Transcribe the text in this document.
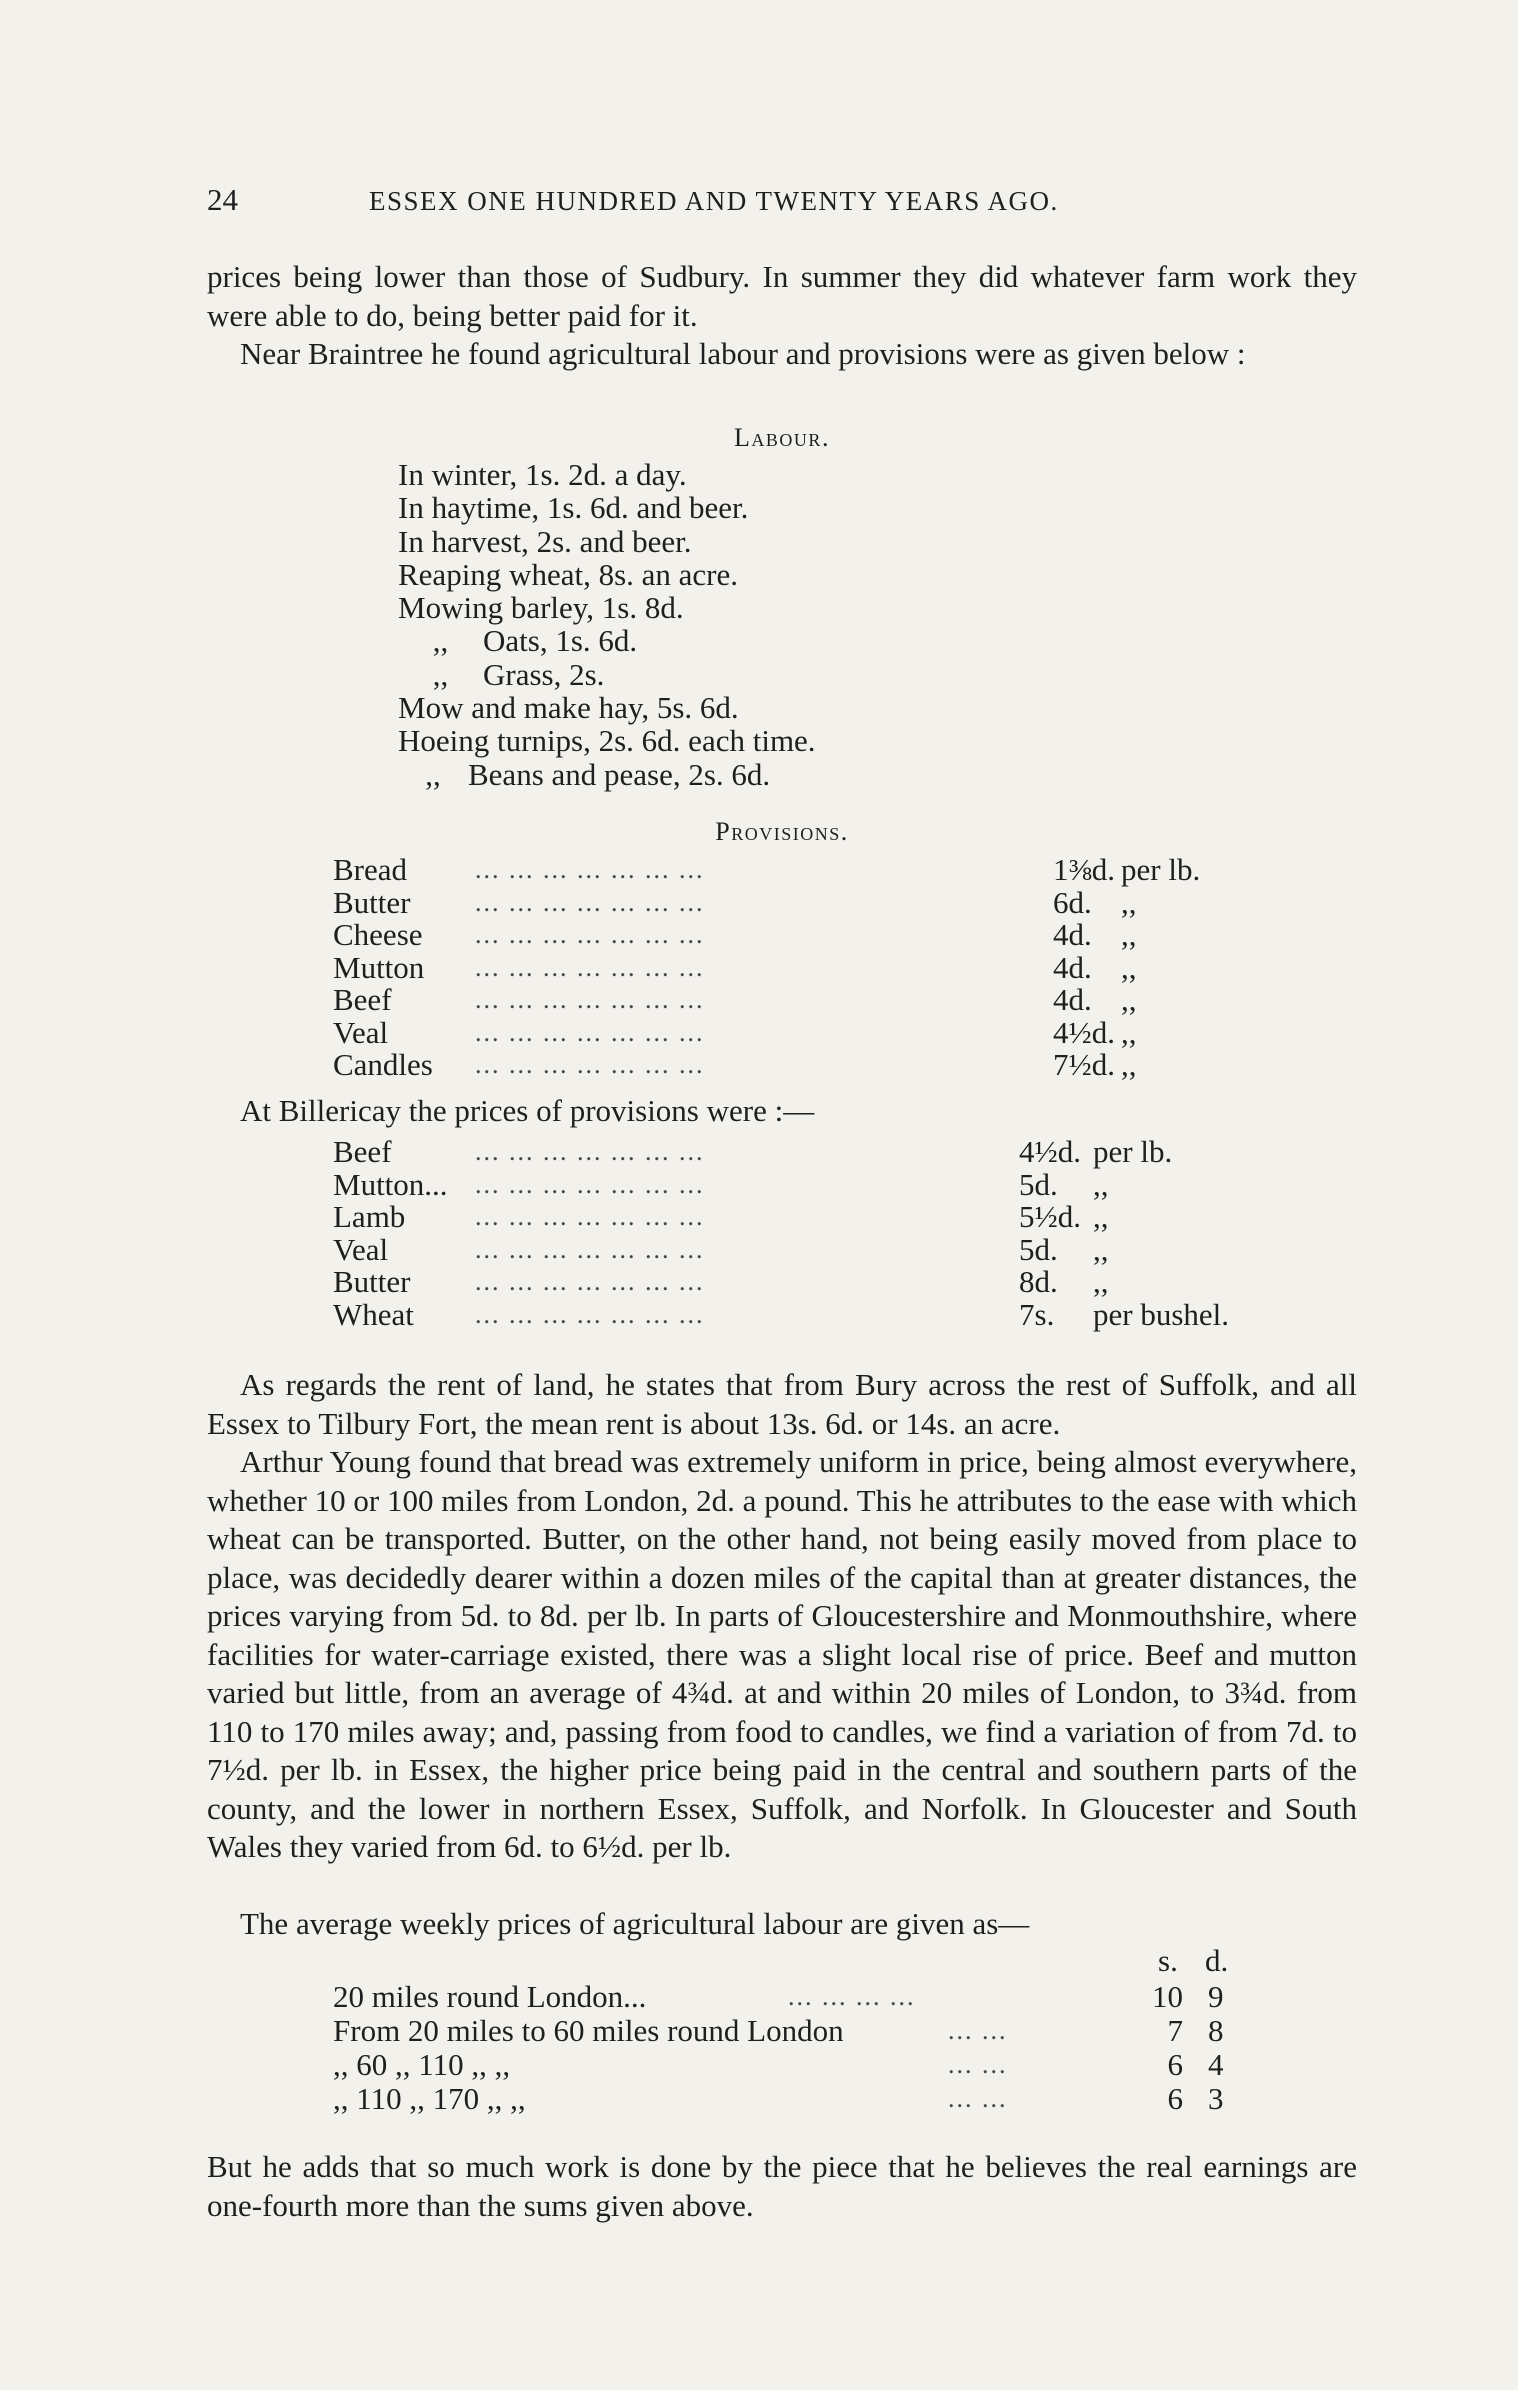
24	ESSEX ONE HUNDRED AND TWENTY YEARS AGO.

prices being lower than those of Sudbury. In summer they did whatever farm work they were able to do, being better paid for it.

Near Braintree he found agricultural labour and provisions were as given below :

Labour.
In winter, 1s. 2d. a day.
In haytime, 1s. 6d. and beer.
In harvest, 2s. and beer.
Reaping wheat, 8s. an acre.
Mowing barley, 1s. 8d.
,, Oats, 1s. 6d.
,, Grass, 2s.
Mow and make hay, 5s. 6d.
Hoeing turnips, 2s. 6d. each time.
,, Beans and pease, 2s. 6d.
Provisions.
Bread	... ... ... ... ... ... ...	1⅜d. per lb.
Butter ... ... ... ... ... ... ...	6d. ,,
Cheese ... ... ... ... ... ... ...	4d. ,,
Mutton ... ... ... ... ... ... ...	4d. ,,
Beef	... ... ... ... ... ... ...	4d. ,,
Veal	... ... ... ... ... ... ...	4½d. ,,
Candles ... ... ... ... ... ... ...	7½d. ,,

At Billericay the prices of provisions were :—

Beef	... ... ... ... ... ... ...	4½d. per lb.
Mutton... ... ... ... ... ... ... ...	5d. ,,
Lamb	... ... ... ... ... ... ...	5½d. ,,
Veal	... ... ... ... ... ... ...	5d. ,,
Butter ... ... ... ... ... ... ...	8d. ,,
Wheat ... ... ... ... ... ... ...	7s. per bushel.

As regards the rent of land, he states that from Bury across the rest of Suffolk, and all Essex to Tilbury Fort, the mean rent is about 13s. 6d. or 14s. an acre.

Arthur Young found that bread was extremely uniform in price, being almost everywhere, whether 10 or 100 miles from London, 2d. a pound. This he attributes to the ease with which wheat can be transported. Butter, on the other hand, not being easily moved from place to place, was decidedly dearer within a dozen miles of the capital than at greater distances, the prices varying from 5d. to 8d. per lb. In parts of Gloucestershire and Monmouthshire, where facilities for water-carriage existed, there was a slight local rise of price. Beef and mutton varied but little, from an average of 4¾d. at and within 20 miles of London, to 3¾d. from 110 to 170 miles away; and, passing from food to candles, we find a variation of from 7d. to 7½d. per lb. in Essex, the higher price being paid in the central and southern parts of the county, and the lower in northern Essex, Suffolk, and Norfolk. In Gloucester and South Wales they varied from 6d. to 6½d. per lb.

The average weekly prices of agricultural labour are given as—

s. d.
20 miles round London...	... ... ... ...	10 9
From 20 miles to 60 miles round London	... ...	7 8
,, 60 ,, 110 ,, ,,	... ...	6 4
,, 110 ,, 170 ,, ,,	... ...	6 3

But he adds that so much work is done by the piece that he believes the real earnings are one-fourth more than the sums given above.
